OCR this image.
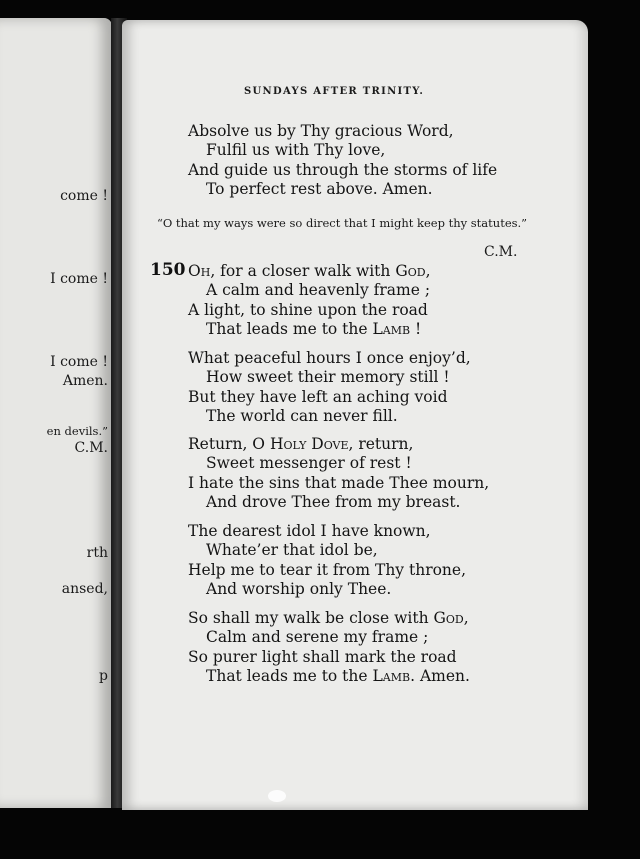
come !
I come !
I come !
Amen.
en devils.”
C.M.
rth
ansed,
p
SUNDAYS AFTER TRINITY.
Absolve us by Thy gracious Word,
Fulfil us with Thy love,
And guide us through the storms of life
To perfect rest above. Amen.
“O that my ways were so direct that I might keep thy statutes.”
C.M.
150 Oh, for a closer walk with God,
A calm and heavenly frame ;
A light, to shine upon the road
That leads me to the Lamb !
What peaceful hours I once enjoy’d,
How sweet their memory still !
But they have left an aching void
The world can never fill.
Return, O Holy Dove, return,
Sweet messenger of rest !
I hate the sins that made Thee mourn,
And drove Thee from my breast.
The dearest idol I have known,
Whate’er that idol be,
Help me to tear it from Thy throne,
And worship only Thee.
So shall my walk be close with God,
Calm and serene my frame ;
So purer light shall mark the road
That leads me to the Lamb. Amen.
